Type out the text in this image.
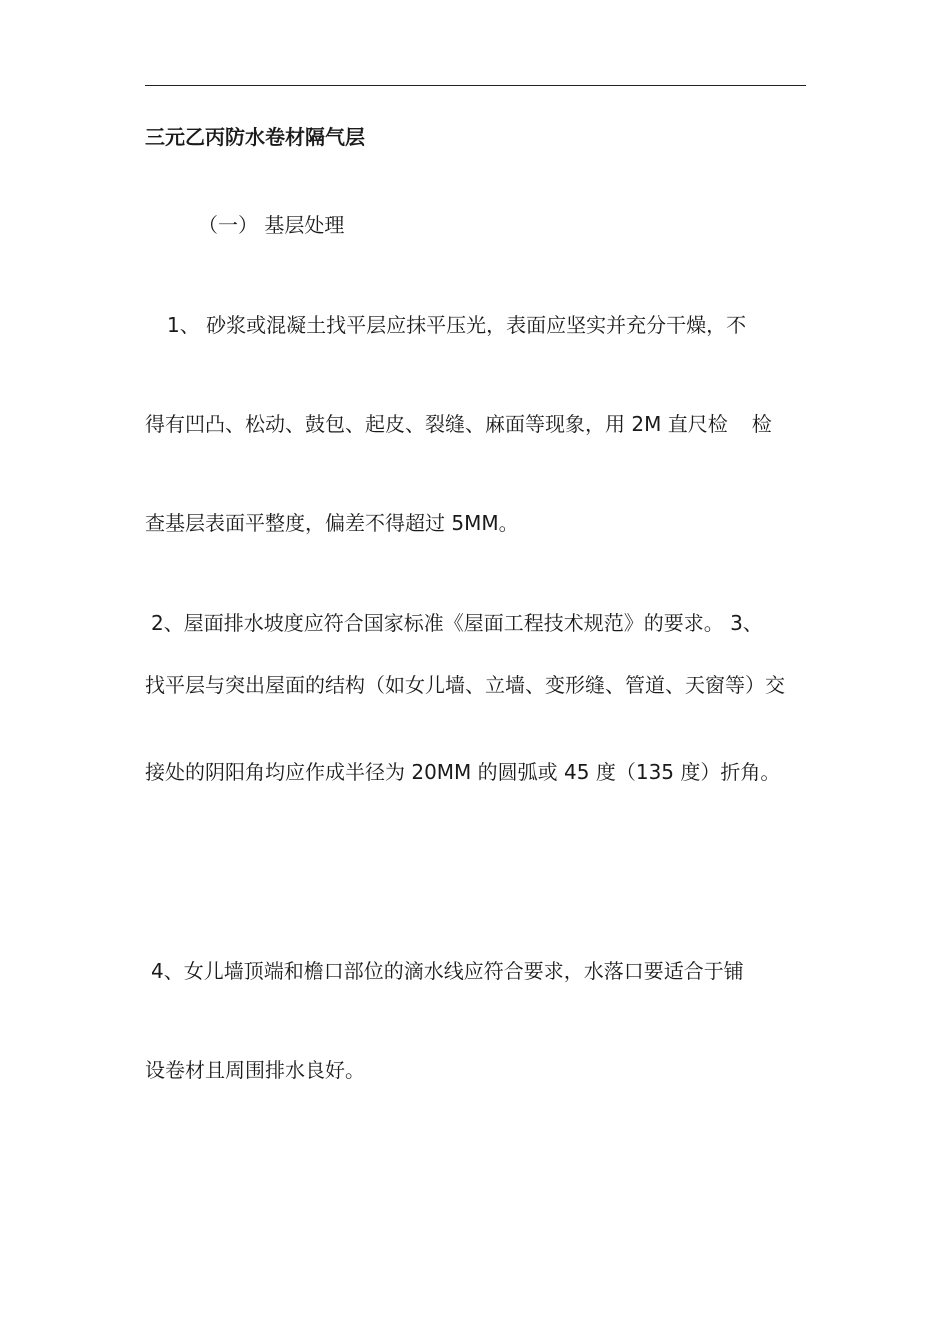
三元乙丙防水卷材隔气层
（一） 基层处理
1、 砂浆或混凝土找平层应抹平压光，表面应坚实并充分干燥，不
得有凹凸、松动、鼓包、起皮、裂缝、麻面等现象，用 2M 直尺检 检
查基层表面平整度，偏差不得超过 5MM。
2、屋面排水坡度应符合国家标准《屋面工程技术规范》的要求。 3、
找平层与突出屋面的结构（如女儿墙、立墙、变形缝、管道、天窗等）交
接处的阴阳角均应作成半径为 20MM 的圆弧或 45 度（135 度）折角。
4、女儿墙顶端和檐口部位的滴水线应符合要求，水落口要适合于铺
设卷材且周围排水良好。
